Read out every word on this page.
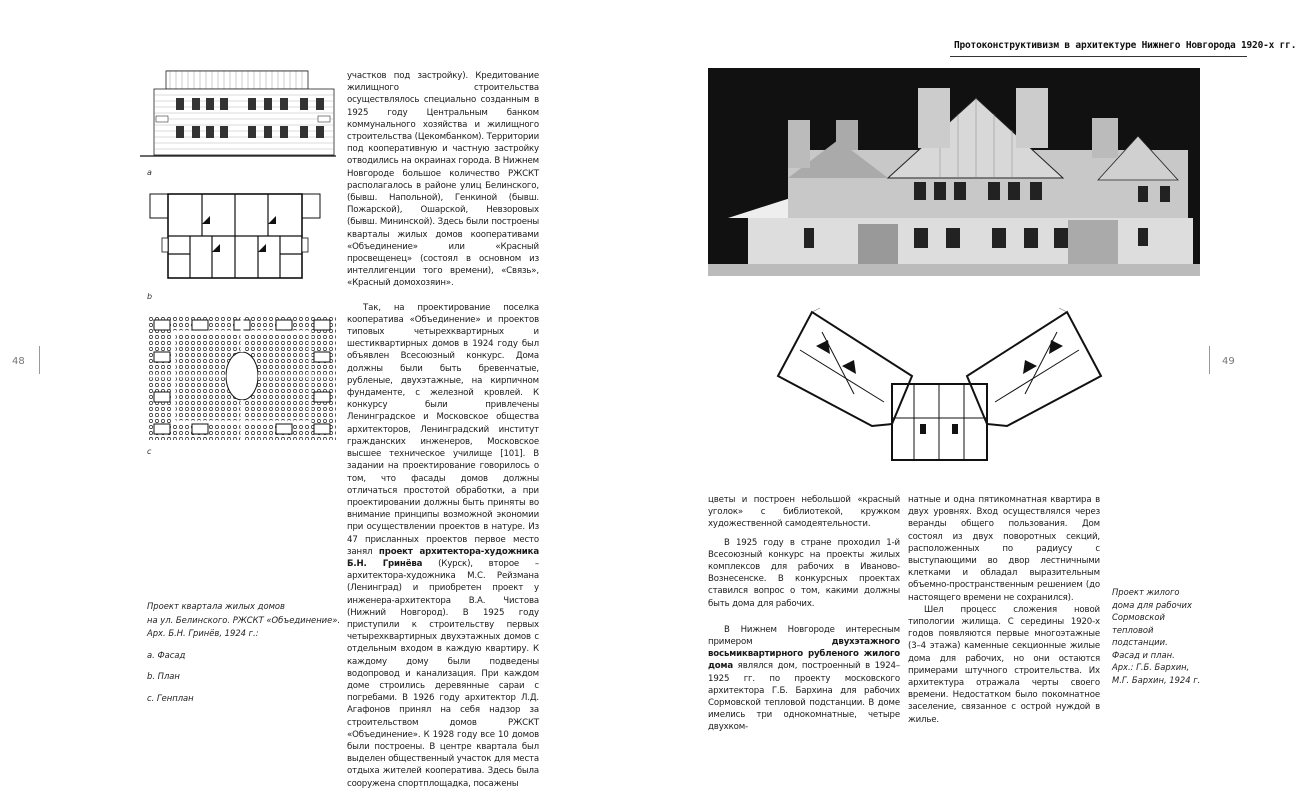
48
a
b
c
Проект квартала жилых домов
на ул. Белинского. РЖСКТ «Объединение».
Арх. Б.Н. Гринёв, 1924 г.:
a. Фасад
b. План
c. Генплан

участков под застройку). Кредитование жилищного строительства осуществлялось специально созданным в 1925 году Центральным банком коммунального хозяйства и жилищного строительства (Цекомбанком). Территории под кооперативную и частную застройку отводились на окраинах города. В Нижнем Новгороде большое количество РЖСКТ располагалось в районе улиц Белинского, (бывш. Напольной), Генкиной (бывш. Пожарской), Ошарской, Невзоровых (бывш. Мининской). Здесь были построены кварталы жилых домов кооперативами «Объединение» или «Красный просвещенец» (состоял в основном из интеллигенции того времени), «Связь», «Красный домохозяин».

Так, на проектирование поселка кооператива «Объединение» и проектов типовых четырехквартирных и шестиквартирных домов в 1924 году был объявлен Всесоюзный конкурс. Дома должны были быть бревенчатые, рубленые, двухэтажные, на кирпичном фундаменте, с железной кровлей. К конкурсу были привлечены Ленинградское и Московское общества архитекторов, Ленинградский институт гражданских инженеров, Московское высшее техническое училище [101]. В задании на проектирование говорилось о том, что фасады домов должны отличаться простотой обработки, а при проектировании должны быть приняты во внимание принципы возможной экономии при осуществлении проектов в натуре. Из 47 присланных проектов первое место занял проект архитектора-художника Б.Н. Гринёва (Курск), второе – архитектора-художника М.С. Рейзмана (Ленинград) и приобретен проект у инженера-архитектора В.А. Чистова (Нижний Новгород). В 1925 году приступили к строительству первых четырехквартирных двухэтажных домов с отдельным входом в каждую квартиру. К каждому дому были подведены водопровод и канализация. При каждом доме строились деревянные сараи с погребами. В 1926 году архитектор Л.Д. Агафонов принял на себя надзор за строительством домов РЖСКТ «Объединение». К 1928 году все 10 домов были построены. В центре квартала был выделен общественный участок для места отдыха жителей кооператива. Здесь была сооружена спортплощадка, посажены

49
Протоконструктивизм в архитектуре Нижнего Новгорода 1920-х гг.

цветы и построен небольшой «красный уголок» с библиотекой, кружком художественной самодеятельности.

В 1925 году в стране проходил 1-й Всесоюзный конкурс на проекты жилых комплексов для рабочих в Иваново-Вознесенске. В конкурсных проектах ставился вопрос о том, какими должны быть дома для рабочих.

В Нижнем Новгороде интересным примером двухэтажного восьмиквартирного рубленого жилого дома являлся дом, построенный в 1924–1925 гг. по проекту московского архитектора Г.Б. Бархина для рабочих Сормовской тепловой подстанции. В доме имелись три однокомнатные, четыре двухком-

натные и одна пятикомнатная квартира в двух уровнях. Вход осуществлялся через веранды общего пользования. Дом состоял из двух поворотных секций, расположенных по радиусу с выступающими во двор лестничными клетками и обладал выразительным объемно-пространственным решением (до настоящего времени не сохранился).

Шел процесс сложения новой типологии жилища. С середины 1920-х годов появляются первые многоэтажные (3–4 этажа) каменные секционные жилые дома для рабочих, но они остаются примерами штучного строительства. Их архитектура отражала черты своего времени. Недостатком было покомнатное заселение, связанное с острой нуждой в жилье.

Проект жилого
дома для рабочих
Сормовской
тепловой
подстанции.
Фасад и план.
Арх.: Г.Б. Бархин,
М.Г. Бархин, 1924 г.
